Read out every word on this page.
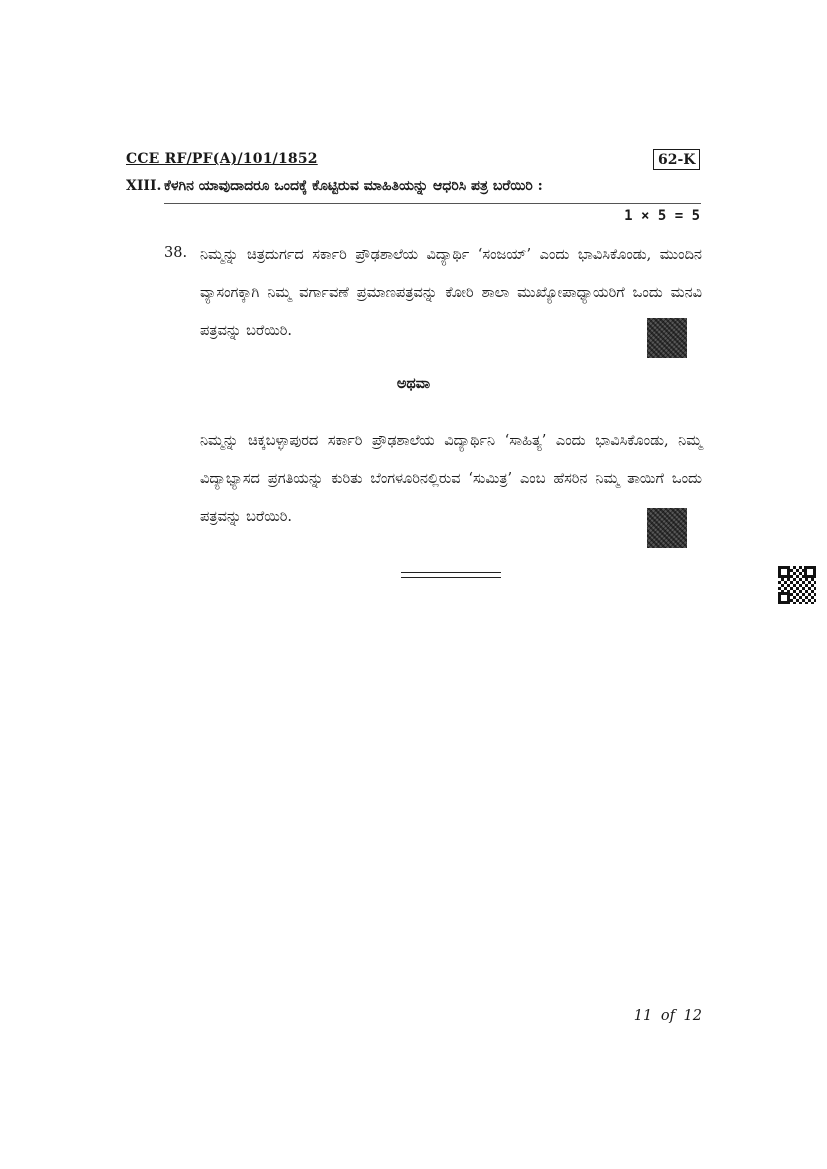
CCE RF/PF(A)/101/1852	62-K
XIII. ಕೆಳಗಿನ ಯಾವುದಾದರೂ ಒಂದಕ್ಕೆ ಕೊಟ್ಟಿರುವ ಮಾಹಿತಿಯನ್ನು ಆಧರಿಸಿ ಪತ್ರ ಬರೆಯಿರಿ :
1 × 5 = 5
38. ನಿಮ್ಮನ್ನು ಚಿತ್ರದುರ್ಗದ ಸರ್ಕಾರಿ ಪ್ರೌಢಶಾಲೆಯ ವಿದ್ಯಾರ್ಥಿ ‘ಸಂಜಯ್’ ಎಂದು ಭಾವಿಸಿಕೊಂಡು, ಮುಂದಿನ ವ್ಯಾಸಂಗಕ್ಕಾಗಿ ನಿಮ್ಮ ವರ್ಗಾವಣೆ ಪ್ರಮಾಣಪತ್ರವನ್ನು ಕೋರಿ ಶಾಲಾ ಮುಖ್ಯೋಪಾಧ್ಯಾಯರಿಗೆ ಒಂದು ಮನವಿ ಪತ್ರವನ್ನು ಬರೆಯಿರಿ.
ಅಥವಾ
ನಿಮ್ಮನ್ನು ಚಿಕ್ಕಬಳ್ಳಾಪುರದ ಸರ್ಕಾರಿ ಪ್ರೌಢಶಾಲೆಯ ವಿದ್ಯಾರ್ಥಿನಿ ‘ಸಾಹಿತ್ಯ’ ಎಂದು ಭಾವಿಸಿಕೊಂಡು, ನಿಮ್ಮ ವಿದ್ಯಾಭ್ಯಾಸದ ಪ್ರಗತಿಯನ್ನು ಕುರಿತು ಬೆಂಗಳೂರಿನಲ್ಲಿರುವ ‘ಸುಮಿತ್ರ’ ಎಂಬ ಹೆಸರಿನ ನಿಮ್ಮ ತಾಯಿಗೆ ಒಂದು ಪತ್ರವನ್ನು ಬರೆಯಿರಿ.
11 of 12
